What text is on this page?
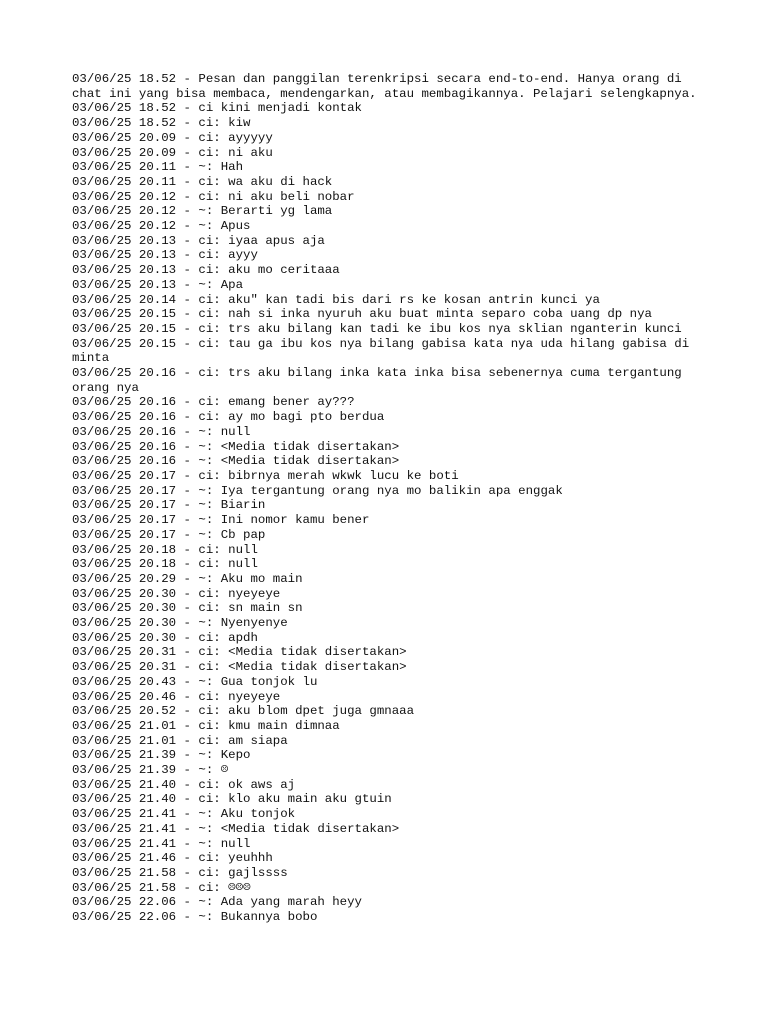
03/06/25 18.52 - Pesan dan panggilan terenkripsi secara end-to-end. Hanya orang di chat ini yang bisa membaca, mendengarkan, atau membagikannya. Pelajari selengkapnya.
03/06/25 18.52 - ci kini menjadi kontak
03/06/25 18.52 - ci: kiw
03/06/25 20.09 - ci: ayyyyy
03/06/25 20.09 - ci: ni aku
03/06/25 20.11 - ~: Hah
03/06/25 20.11 - ci: wa aku di hack
03/06/25 20.12 - ci: ni aku beli nobar
03/06/25 20.12 - ~: Berarti yg lama
03/06/25 20.12 - ~: Apus
03/06/25 20.13 - ci: iyaa apus aja
03/06/25 20.13 - ci: ayyy
03/06/25 20.13 - ci: aku mo ceritaaa
03/06/25 20.13 - ~: Apa
03/06/25 20.14 - ci: aku" kan tadi bis dari rs ke kosan antrin kunci ya
03/06/25 20.15 - ci: nah si inka nyuruh aku buat minta separo coba uang dp nya
03/06/25 20.15 - ci: trs aku bilang kan tadi ke ibu kos nya sklian nganterin kunci
03/06/25 20.15 - ci: tau ga ibu kos nya bilang gabisa kata nya uda hilang gabisa di minta
03/06/25 20.16 - ci: trs aku bilang inka kata inka bisa sebenernya cuma tergantung orang nya
03/06/25 20.16 - ci: emang bener ay???
03/06/25 20.16 - ci: ay mo bagi pto berdua
03/06/25 20.16 - ~: null
03/06/25 20.16 - ~: <Media tidak disertakan>
03/06/25 20.16 - ~: <Media tidak disertakan>
03/06/25 20.17 - ci: bibrnya merah wkwk lucu ke boti
03/06/25 20.17 - ~: Iya tergantung orang nya mo balikin apa enggak
03/06/25 20.17 - ~: Biarin
03/06/25 20.17 - ~: Ini nomor kamu bener
03/06/25 20.17 - ~: Cb pap
03/06/25 20.18 - ci: null
03/06/25 20.18 - ci: null
03/06/25 20.29 - ~: Aku mo main
03/06/25 20.30 - ci: nyeyeye
03/06/25 20.30 - ci: sn main sn
03/06/25 20.30 - ~: Nyenyenye
03/06/25 20.30 - ci: apdh
03/06/25 20.31 - ci: <Media tidak disertakan>
03/06/25 20.31 - ci: <Media tidak disertakan>
03/06/25 20.43 - ~: Gua tonjok lu
03/06/25 20.46 - ci: nyeyeye
03/06/25 20.52 - ci: aku blom dpet juga gmnaaa
03/06/25 21.01 - ci: kmu main dimnaa
03/06/25 21.01 - ci: am siapa
03/06/25 21.39 - ~: Kepo
03/06/25 21.39 - ~: ☹
03/06/25 21.40 - ci: ok aws aj
03/06/25 21.40 - ci: klo aku main aku gtuin
03/06/25 21.41 - ~: Aku tonjok
03/06/25 21.41 - ~: <Media tidak disertakan>
03/06/25 21.41 - ~: null
03/06/25 21.46 - ci: yeuhhh
03/06/25 21.58 - ci: gajlssss
03/06/25 21.58 - ci: ☹☹☹
03/06/25 22.06 - ~: Ada yang marah heyy
03/06/25 22.06 - ~: Bukannya bobo
